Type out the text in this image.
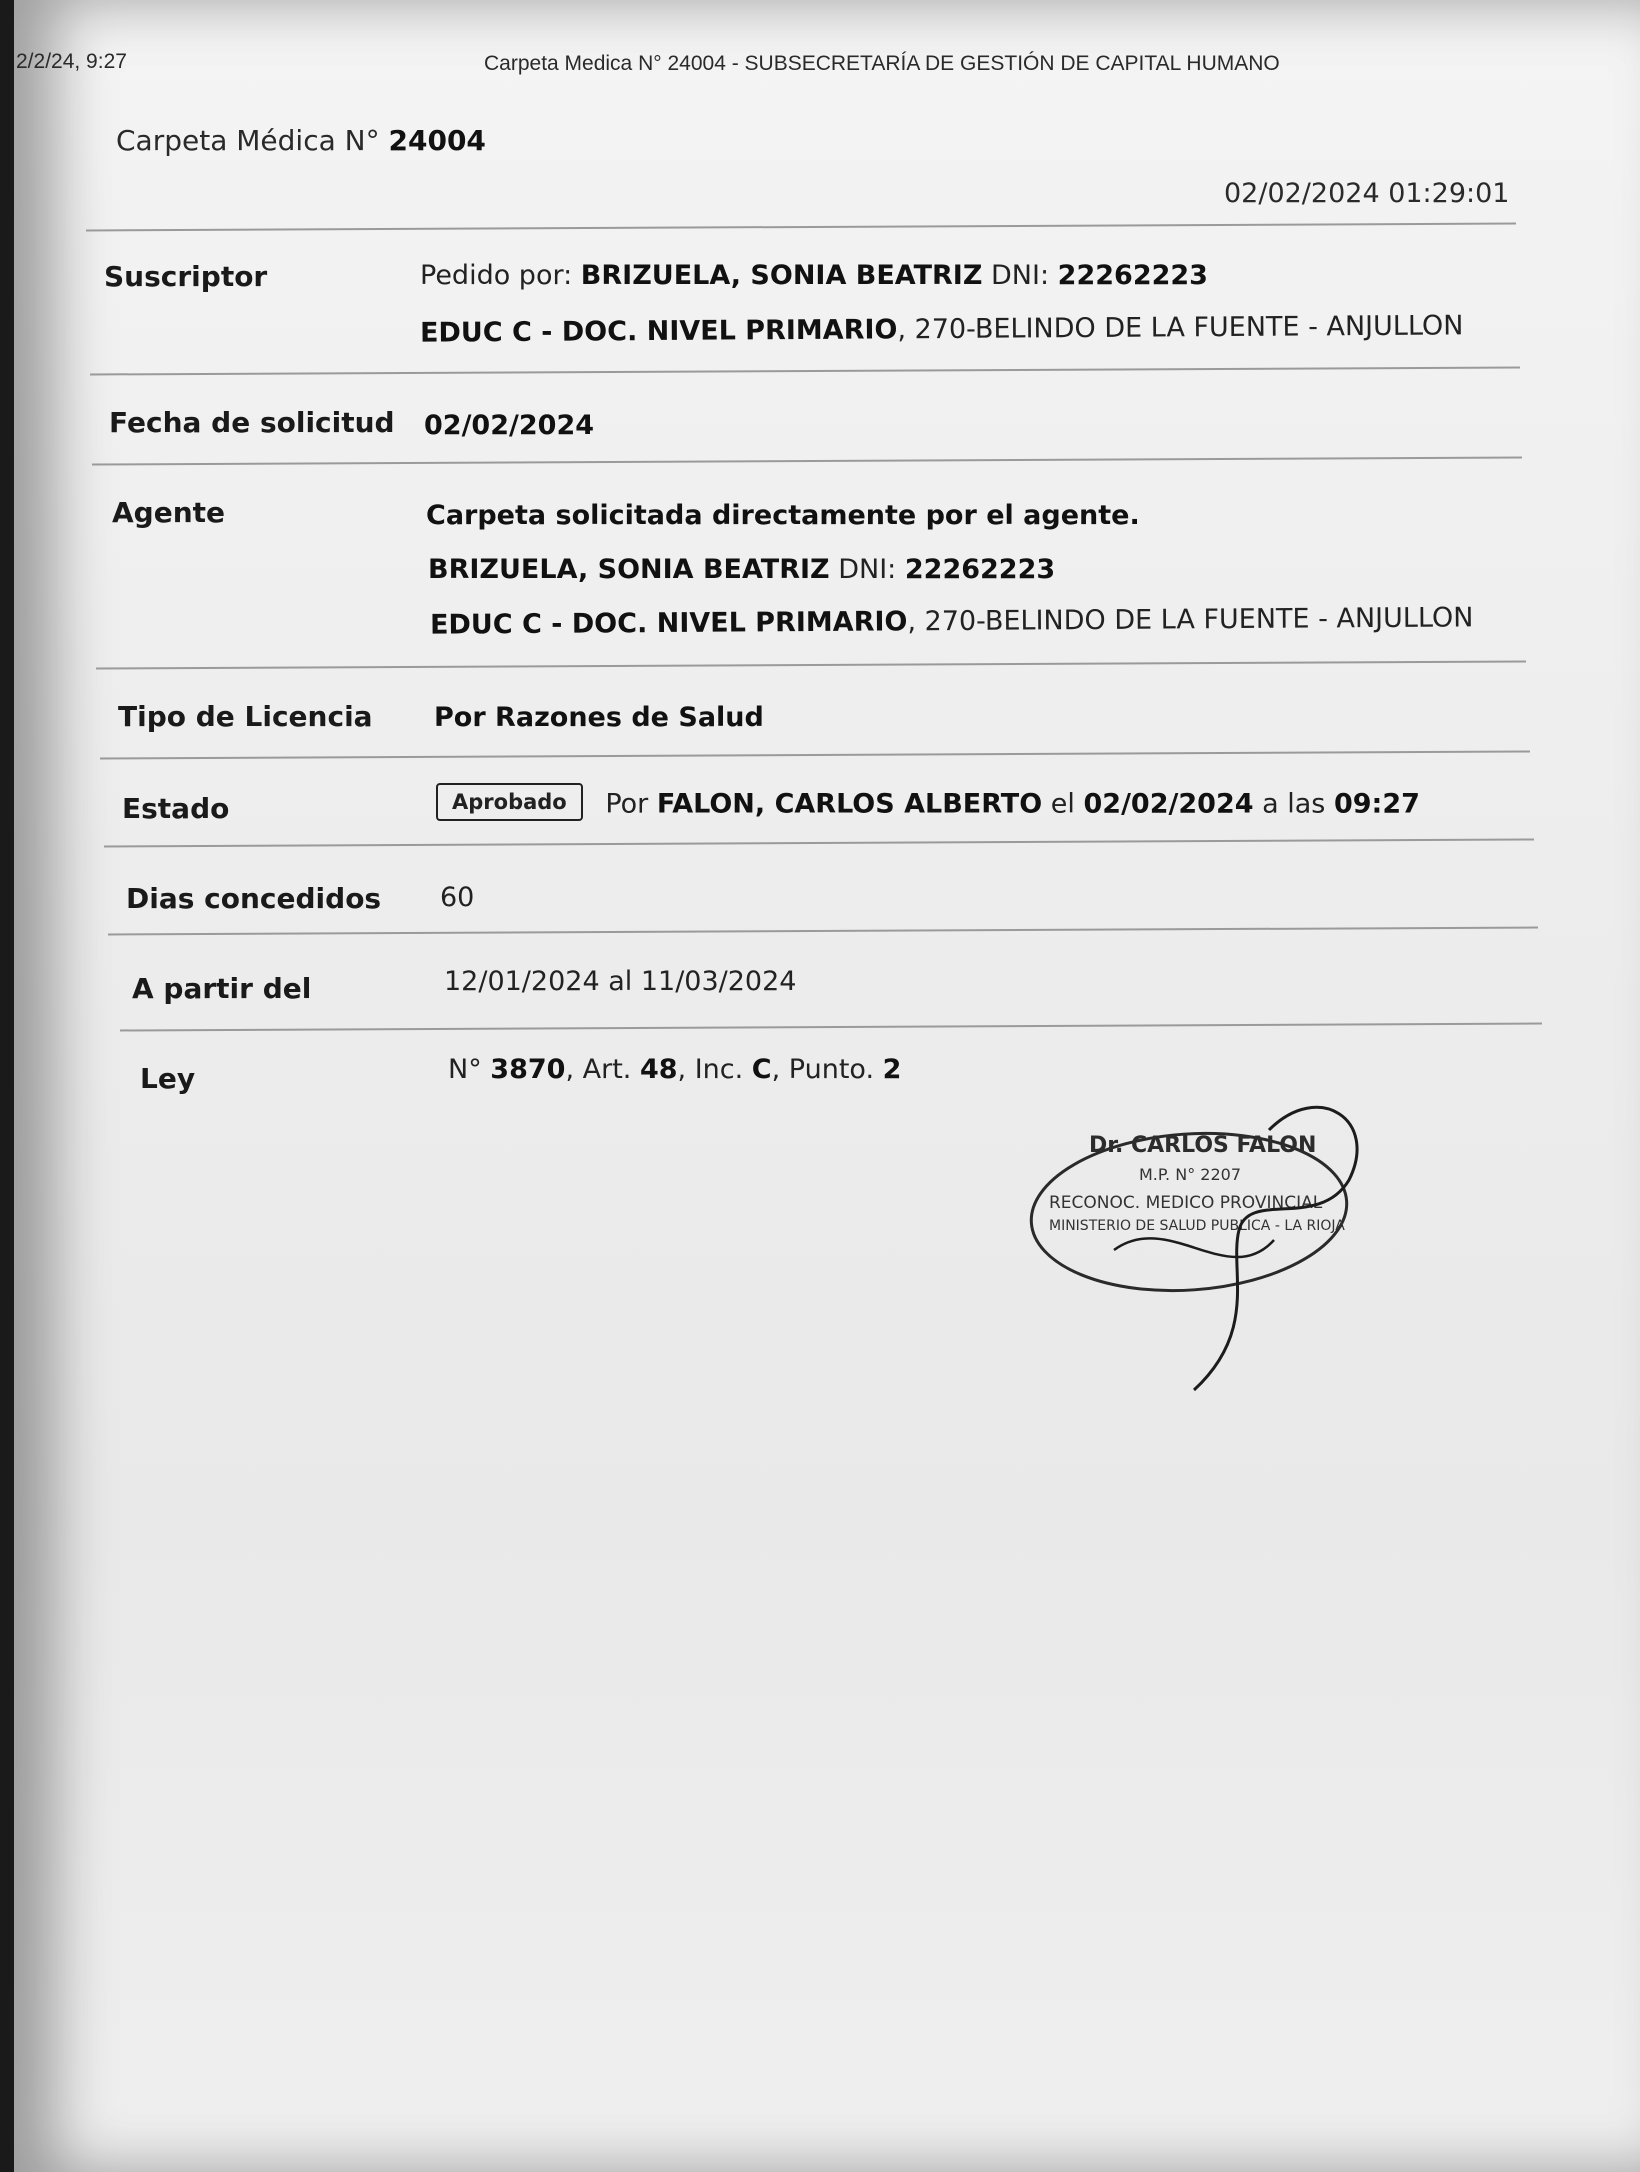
2/2/24, 9:27	Carpeta Medica N° 24004 - SUBSECRETARÍA DE GESTIÓN DE CAPITAL HUMANO
Carpeta Médica N° 24004
02/02/2024 01:29:01
Suscriptor	Pedido por: BRIZUELA, SONIA BEATRIZ DNI: 22262223
EDUC C - DOC. NIVEL PRIMARIO, 270-BELINDO DE LA FUENTE - ANJULLON
Fecha de solicitud 02/02/2024
Agente	Carpeta solicitada directamente por el agente.
BRIZUELA, SONIA BEATRIZ DNI: 22262223
EDUC C - DOC. NIVEL PRIMARIO, 270-BELINDO DE LA FUENTE - ANJULLON
Tipo de Licencia Por Razones de Salud
Estado	Aprobado Por FALON, CARLOS ALBERTO el 02/02/2024 a las 09:27
Dias concedidos 60
A partir del	12/01/2024 al 11/03/2024
Ley	N° 3870, Art. 48, Inc. C, Punto. 2
Dr. CARLOS FALON
M.P. N° 2207
RECONOC. MEDICO PROVINCIAL
MINISTERIO DE SALUD PUBLICA - LA RIOJA
